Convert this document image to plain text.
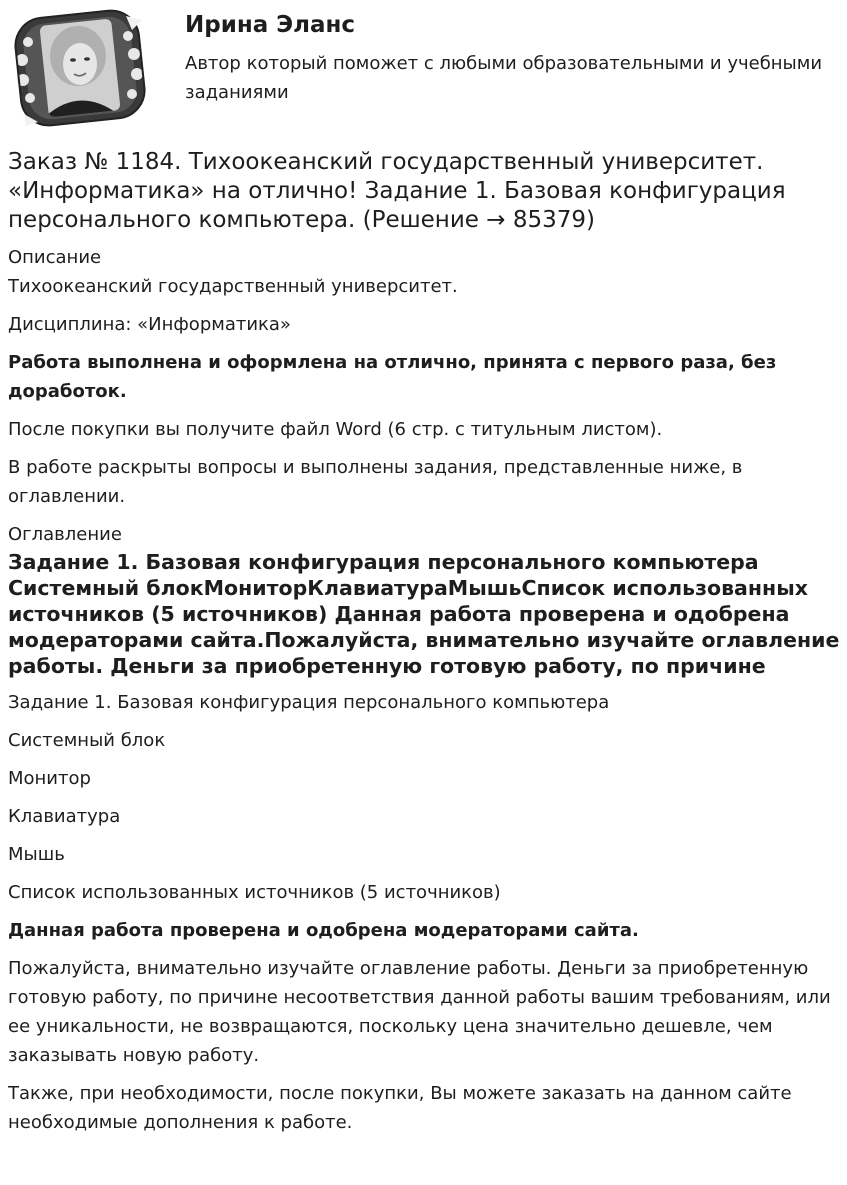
Ирина Эланс

Автор который поможет с любыми образовательными и учебными заданиями

Заказ № 1184. Тихоокеанский государственный университет. «Информатика» на отлично! Задание 1. Базовая конфигурация персонального компьютера. (Решение → 85379)

Описание

Тихоокеанский государственный университет.

Дисциплина: «Информатика»

Работа выполнена и оформлена на отлично, принята с первого раза, без доработок.

После покупки вы получите файл Word (6 стр. с титульным листом).

В работе раскрыты вопросы и выполнены задания, представленные ниже, в оглавлении.

Оглавление

Задание 1. Базовая конфигурация персонального компьютера Системный блокМониторКлавиатураМышьСписок использованных источников (5 источников) Данная работа проверена и одобрена модераторами сайта.Пожалуйста, внимательно изучайте оглавление работы. Деньги за приобретенную готовую работу, по причине

Задание 1. Базовая конфигурация персонального компьютера

Системный блок

Монитор

Клавиатура

Мышь

Список использованных источников (5 источников)

Данная работа проверена и одобрена модераторами сайта.

Пожалуйста, внимательно изучайте оглавление работы. Деньги за приобретенную готовую работу, по причине несоответствия данной работы вашим требованиям, или ее уникальности, не возвращаются, поскольку цена значительно дешевле, чем заказывать новую работу.

Также, при необходимости, после покупки, Вы можете заказать на данном сайте необходимые дополнения к работе.
